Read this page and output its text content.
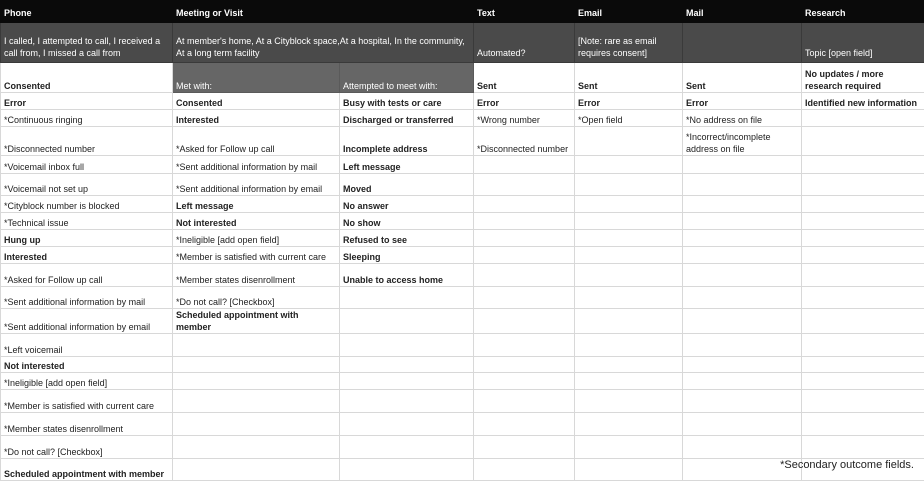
Phone	Meeting or Visit		Text	Email	Mail	Research
I called, I attempted to call, I received a call from, I missed a call from	At member's home, At a Cityblock space,At a hospital, In the community, At a long term facility		Automated?	[Note: rare as email requires consent]		Topic [open field]
Consented	Met with:	Attempted to meet with:	Sent	Sent	Sent	No updates / more research required
Error	Consented	Busy with tests or care	Error	Error	Error	Identified new information
*Continuous ringing	Interested	Discharged or transferred	*Wrong number	*Open field	*No address on file	
*Disconnected number	*Asked for Follow up call	Incomplete address	*Disconnected number		*Incorrect/incomplete address on file	
*Voicemail inbox full	*Sent additional information by mail	Left message				
*Voicemail not set up	*Sent additional information by email	Moved				
*Cityblock number is blocked	Left message	No answer				
*Technical issue	Not interested	No show				
Hung up	*Ineligible [add open field]	Refused to see				
Interested	*Member is satisfied with current care	Sleeping				
*Asked for Follow up call	*Member states disenrollment	Unable to access home				
*Sent additional information by mail	*Do not call? [Checkbox]					
*Sent additional information by email	Scheduled appointment with member					
*Left voicemail						
Not interested						
*Ineligible [add open field]						
*Member is satisfied with current care						
*Member states disenrollment						
*Do not call? [Checkbox]						
Scheduled appointment with member						
*Secondary outcome fields.
